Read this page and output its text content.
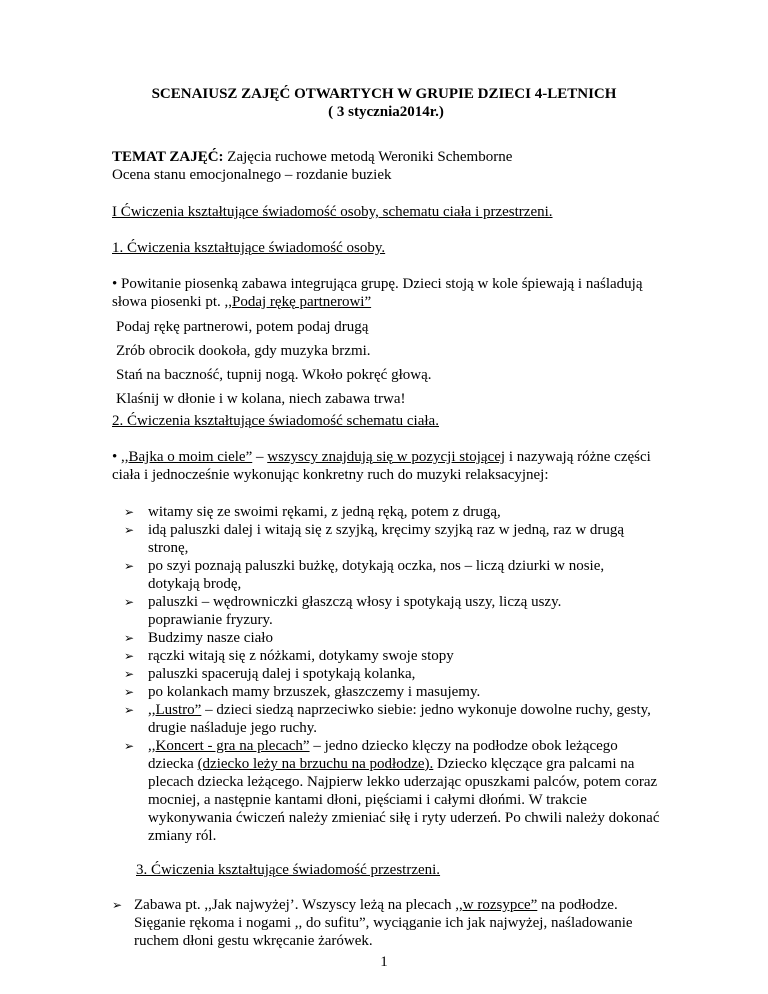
SCENAIUSZ ZAJĘĆ OTWARTYCH W GRUPIE DZIECI 4-LETNICH
( 3 stycznia2014r.)
TEMAT ZAJĘĆ: Zajęcia ruchowe metodą Weroniki Schemborne
Ocena stanu emocjonalnego – rozdanie buziek
I Ćwiczenia kształtujące świadomość osoby, schematu ciała i przestrzeni.
1. Ćwiczenia kształtujące świadomość osoby.
• Powitanie piosenką zabawa integrująca grupę. Dzieci stoją w kole śpiewają i naśladują
słowa piosenki pt. ,,Podaj rękę partnerowi”
Podaj rękę partnerowi, potem podaj drugą
Zrób obrocik dookoła, gdy muzyka brzmi.
Stań na baczność, tupnij nogą. Wkoło pokręć głową.
Klaśnij w dłonie i w kolana, niech zabawa trwa!
2. Ćwiczenia kształtujące świadomość schematu ciała.
• ,,Bajka o moim ciele” – wszyscy znajdują się w pozycji stojącej i nazywają różne części
ciała i jednocześnie wykonując konkretny ruch do muzyki relaksacyjnej:
➢ witamy się ze swoimi rękami, z jedną ręką, potem z drugą,
➢ idą paluszki dalej i witają się z szyjką, kręcimy szyjką raz w jedną, raz w drugą
stronę,
➢ po szyi poznają paluszki bużkę, dotykają oczka, nos – liczą dziurki w nosie,
dotykają brodę,
➢ paluszki – wędrowniczki głaszczą włosy i spotykają uszy, liczą uszy.
poprawianie fryzury.
➢ Budzimy nasze ciało
➢ rączki witają się z nóżkami, dotykamy swoje stopy
➢ paluszki spacerują dalej i spotykają kolanka,
➢ po kolankach mamy brzuszek, głaszczemy i masujemy.
➢ ,,Lustro” – dzieci siedzą naprzeciwko siebie: jedno wykonuje dowolne ruchy, gesty,
drugie naśladuje jego ruchy.
➢ ,,Koncert - gra na plecach” – jedno dziecko klęczy na podłodze obok leżącego
dziecka (dziecko leży na brzuchu na podłodze). Dziecko klęczące gra palcami na
plecach dziecka leżącego. Najpierw lekko uderzając opuszkami palców, potem coraz
mocniej, a następnie kantami dłoni, pięściami i całymi dłońmi. W trakcie
wykonywania ćwiczeń należy zmieniać siłę i ryty uderzeń. Po chwili należy dokonać
zmiany ról.
3. Ćwiczenia kształtujące świadomość przestrzeni.
➢ Zabawa pt. ,,Jak najwyżej’. Wszyscy leżą na plecach ,,w rozsypce” na podłodze.
Sięganie rękoma i nogami ,, do sufitu”, wyciąganie ich jak najwyżej, naśladowanie
ruchem dłoni gestu wkręcanie żarówek.
1
